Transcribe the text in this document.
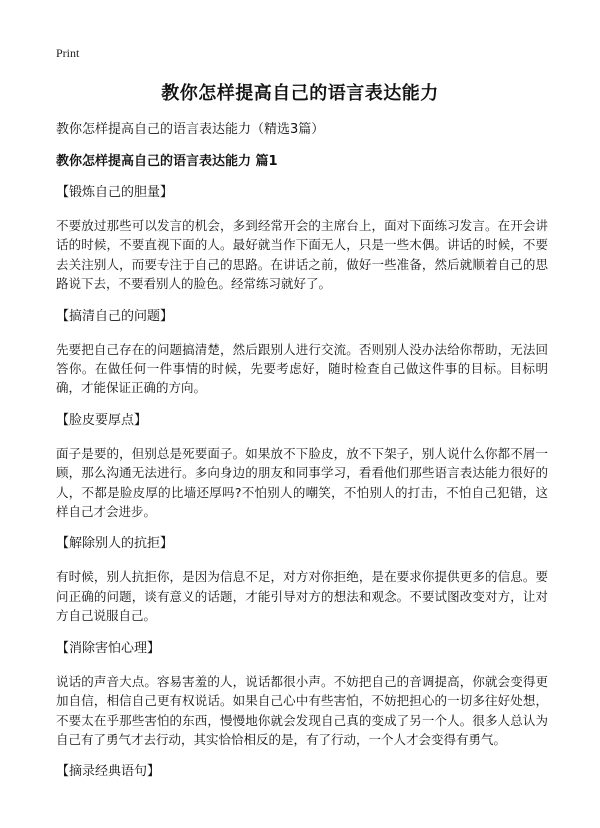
Print
教你怎样提高自己的语言表达能力

教你怎样提高自己的语言表达能力（精选3篇）

教你怎样提高自己的语言表达能力 篇1

【锻炼自己的胆量】

不要放过那些可以发言的机会，多到经常开会的主席台上，面对下面练习发言。在开会讲话的时候，不要直视下面的人。最好就当作下面无人，只是一些木偶。讲话的时候，不要去关注别人，而要专注于自己的思路。在讲话之前，做好一些准备，然后就顺着自己的思路说下去，不要看别人的脸色。经常练习就好了。

【搞清自己的问题】

先要把自己存在的问题搞清楚，然后跟别人进行交流。否则别人没办法给你帮助，无法回答你。在做任何一件事情的时候，先要考虑好，随时检查自己做这件事的目标。目标明确，才能保证正确的方向。

【脸皮要厚点】

面子是要的，但别总是死要面子。如果放不下脸皮，放不下架子，别人说什么你都不屑一顾，那么沟通无法进行。多向身边的朋友和同事学习，看看他们那些语言表达能力很好的人，不都是脸皮厚的比墙还厚吗?不怕别人的嘲笑，不怕别人的打击，不怕自己犯错，这样自己才会进步。

【解除别人的抗拒】

有时候，别人抗拒你，是因为信息不足，对方对你拒绝，是在要求你提供更多的信息。要问正确的问题，谈有意义的话题，才能引导对方的想法和观念。不要试图改变对方，让对方自己说服自己。

【消除害怕心理】

说话的声音大点。容易害羞的人，说话都很小声。不妨把自己的音调提高，你就会变得更加自信，相信自己更有权说话。如果自己心中有些害怕，不妨把担心的一切多往好处想，不要太在乎那些害怕的东西，慢慢地你就会发现自己真的变成了另一个人。很多人总认为自己有了勇气才去行动，其实恰恰相反的是，有了行动，一个人才会变得有勇气。

【摘录经典语句】
